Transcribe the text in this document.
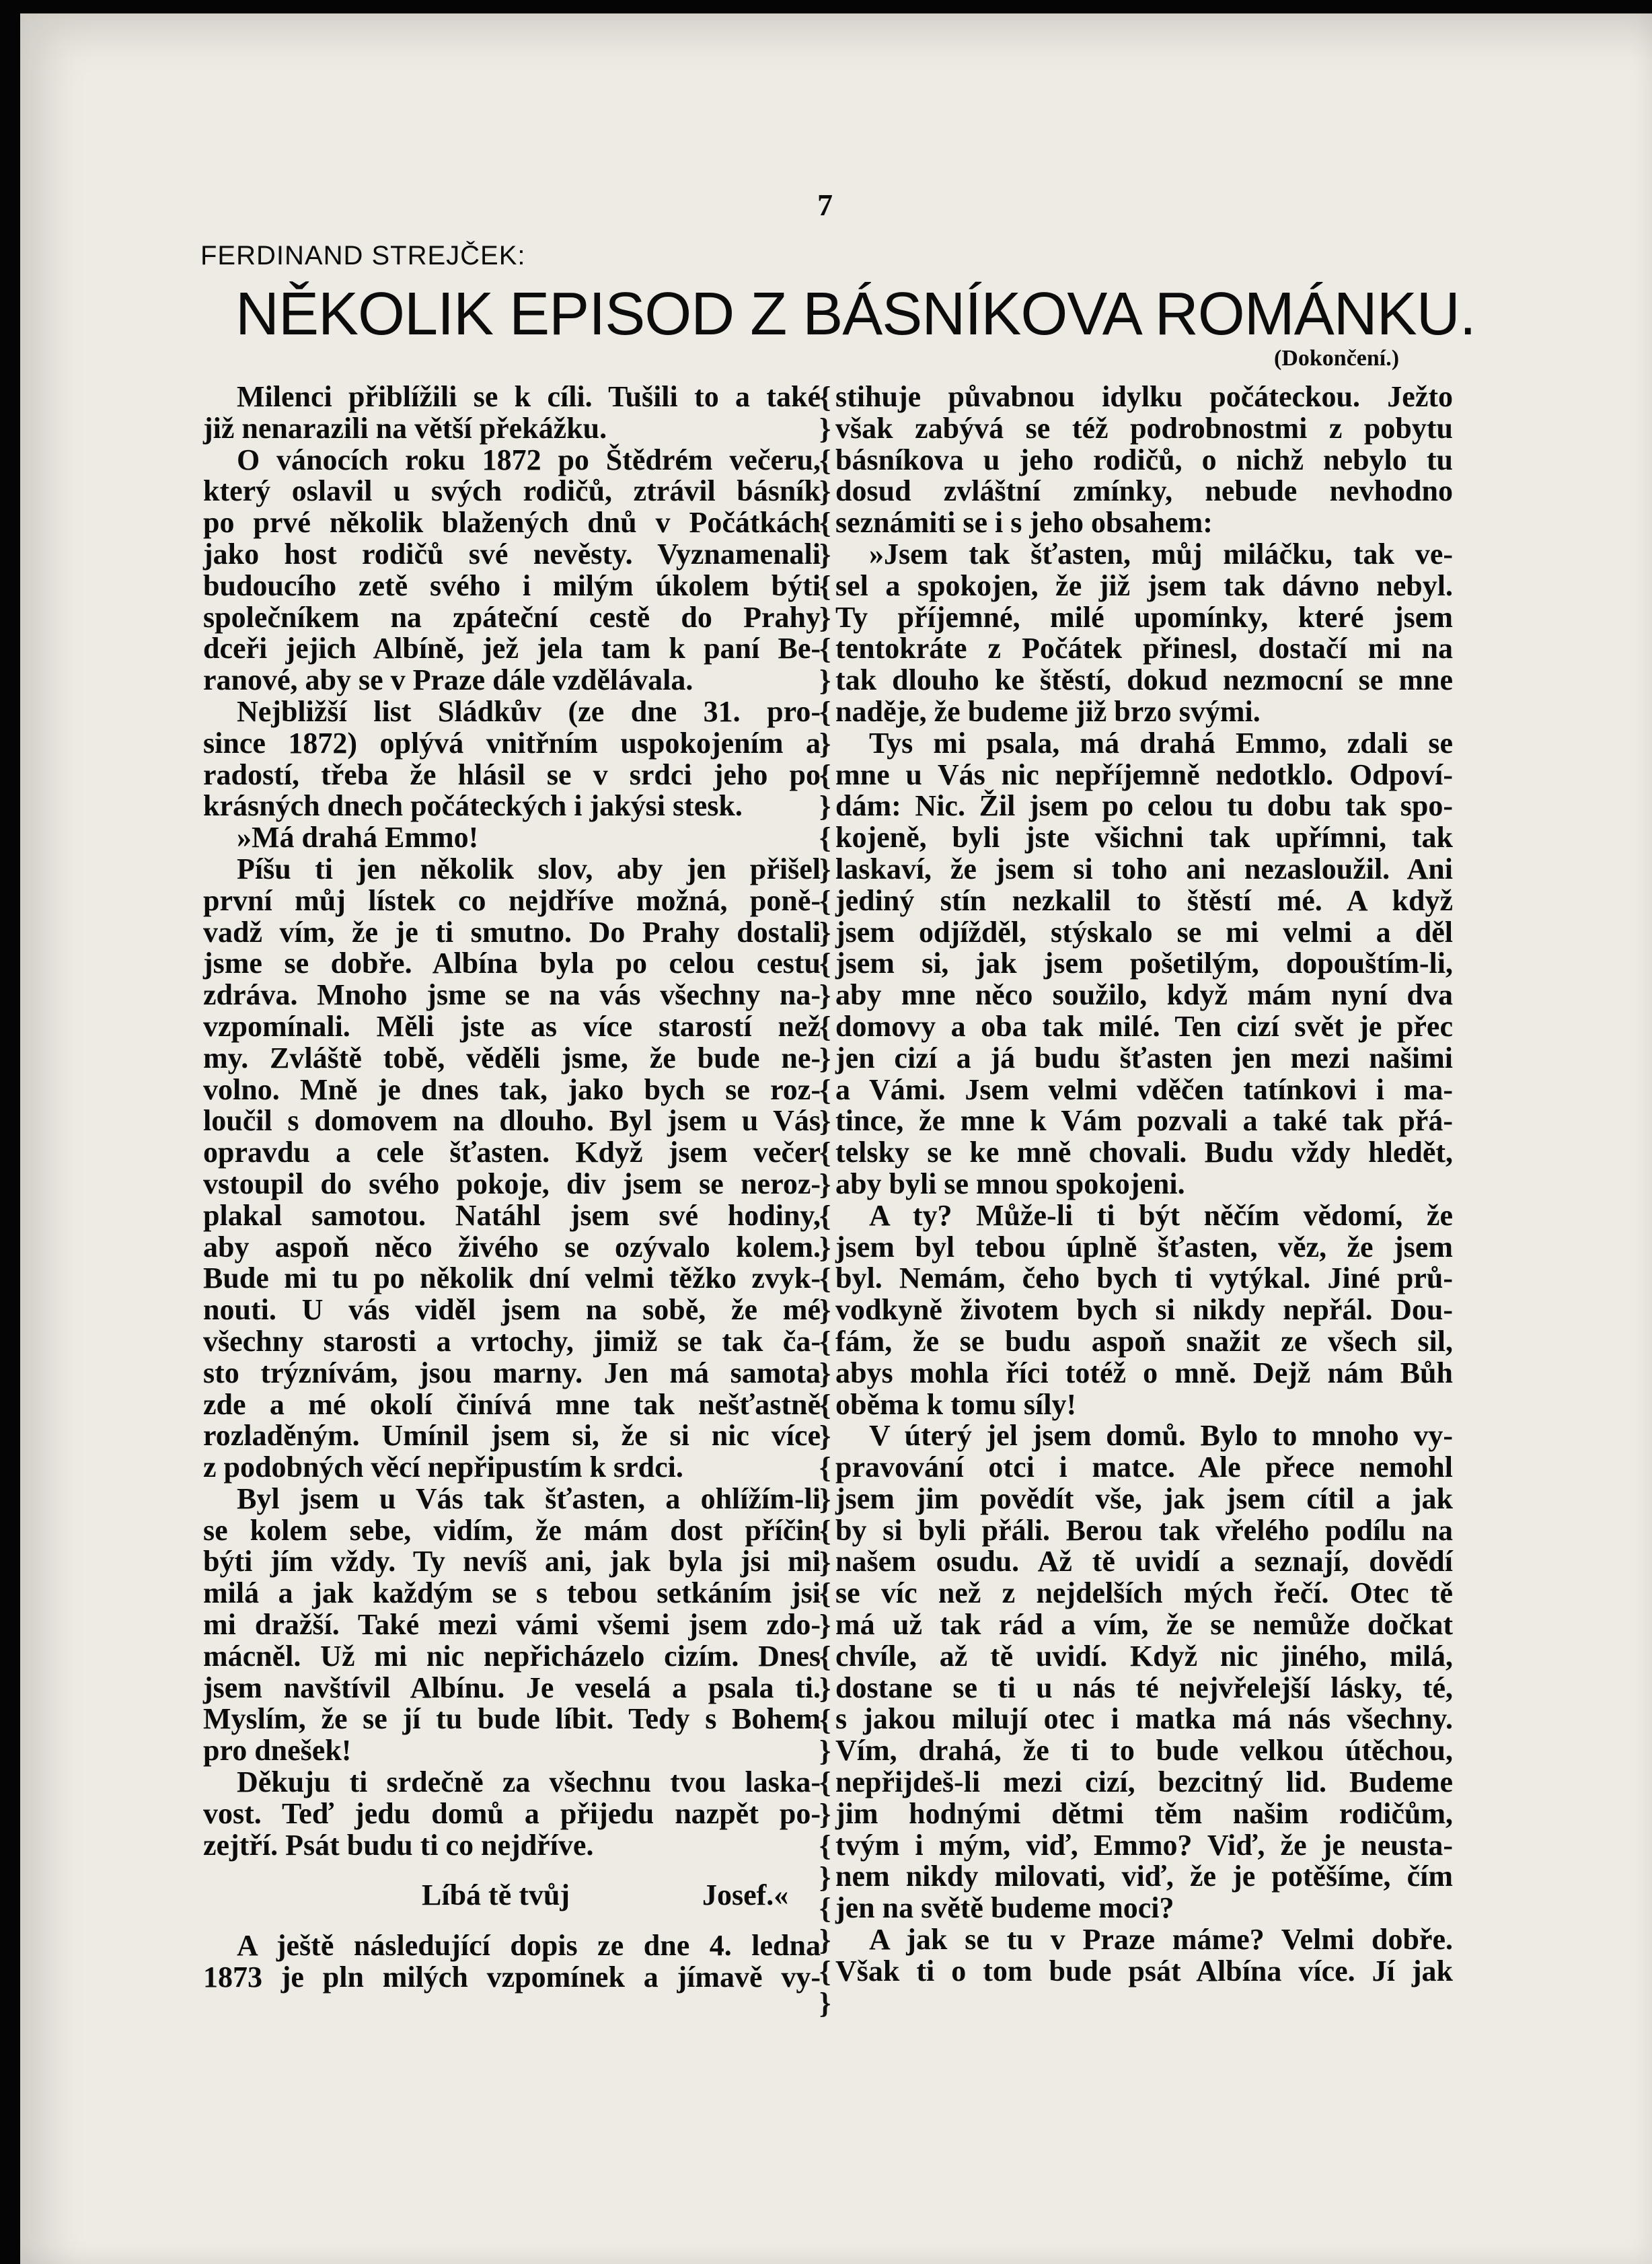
7
FERDINAND STREJČEK:
NĚKOLIK EPISOD Z BÁSNÍKOVA ROMÁNKU.
(Dokončení.)
Milenci přiblížili se k cíli. Tušili to a také
již nenarazili na větší překážku.
O vánocích roku 1872 po Štědrém večeru,
který oslavil u svých rodičů, ztrávil básník
po prvé několik blažených dnů v Počátkách
jako host rodičů své nevěsty. Vyznamenali
budoucího zetě svého i milým úkolem býti
společníkem na zpáteční cestě do Prahy
dceři jejich Albíně, jež jela tam k paní Be-
ranové, aby se v Praze dále vzdělávala.
Nejbližší list Sládkův (ze dne 31. pro-
since 1872) oplývá vnitřním uspokojením a
radostí, třeba že hlásil se v srdci jeho po
krásných dnech počáteckých i jakýsi stesk.
»Má drahá Emmo!
Píšu ti jen několik slov, aby jen přišel
první můj lístek co nejdříve možná, poně-
vadž vím, že je ti smutno. Do Prahy dostali
jsme se dobře. Albína byla po celou cestu
zdráva. Mnoho jsme se na vás všechny na-
vzpomínali. Měli jste as více starostí než
my. Zvláště tobě, věděli jsme, že bude ne-
volno. Mně je dnes tak, jako bych se roz-
loučil s domovem na dlouho. Byl jsem u Vás
opravdu a cele šťasten. Když jsem večer
vstoupil do svého pokoje, div jsem se neroz-
plakal samotou. Natáhl jsem své hodiny,
aby aspoň něco živého se ozývalo kolem.
Bude mi tu po několik dní velmi těžko zvyk-
nouti. U vás viděl jsem na sobě, že mé
všechny starosti a vrtochy, jimiž se tak ča-
sto trýznívám, jsou marny. Jen má samota
zde a mé okolí činívá mne tak nešťastně
rozladěným. Umínil jsem si, že si nic více
z podobných věcí nepřipustím k srdci.
Byl jsem u Vás tak šťasten, a ohlížím-li
se kolem sebe, vidím, že mám dost příčin
býti jím vždy. Ty nevíš ani, jak byla jsi mi
milá a jak každým se s tebou setkáním jsi
mi dražší. Také mezi vámi všemi jsem zdo-
mácněl. Už mi nic nepřicházelo cizím. Dnes
jsem navštívil Albínu. Je veselá a psala ti.
Myslím, že se jí tu bude líbit. Tedy s Bohem
pro dnešek!
Děkuju ti srdečně za všechnu tvou laska-
vost. Teď jedu domů a přijedu nazpět po-
zejtří. Psát budu ti co nejdříve.
Líbá tě tvůj	Josef.«
A ještě následující dopis ze dne 4. ledna
1873 je pln milých vzpomínek a jímavě vy-
{
}
{
}
{
}
{
}
{
}
{
}
{
}
{
}
{
}
{
}
{
}
{
}
{
}
{
}
{
}
{
}
{
}
{
}
{
}
{
}
{
}
{
}
{
}
{
}
{
}
{
}
stihuje půvabnou idylku počáteckou. Ježto
však zabývá se též podrobnostmi z pobytu
básníkova u jeho rodičů, o nichž nebylo tu
dosud zvláštní zmínky, nebude nevhodno
seznámiti se i s jeho obsahem:
»Jsem tak šťasten, můj miláčku, tak ve-
sel a spokojen, že již jsem tak dávno nebyl.
Ty příjemné, milé upomínky, které jsem
tentokráte z Počátek přinesl, dostačí mi na
tak dlouho ke štěstí, dokud nezmocní se mne
naděje, že budeme již brzo svými.
Tys mi psala, má drahá Emmo, zdali se
mne u Vás nic nepříjemně nedotklo. Odpoví-
dám: Nic. Žil jsem po celou tu dobu tak spo-
kojeně, byli jste všichni tak upřímni, tak
laskaví, že jsem si toho ani nezasloužil. Ani
jediný stín nezkalil to štěstí mé. A když
jsem odjížděl, stýskalo se mi velmi a děl
jsem si, jak jsem pošetilým, dopouštím-li,
aby mne něco soužilo, když mám nyní dva
domovy a oba tak milé. Ten cizí svět je přec
jen cizí a já budu šťasten jen mezi našimi
a Vámi. Jsem velmi vděčen tatínkovi i ma-
tince, že mne k Vám pozvali a také tak přá-
telsky se ke mně chovali. Budu vždy hledět,
aby byli se mnou spokojeni.
A ty? Může-li ti být něčím vědomí, že
jsem byl tebou úplně šťasten, věz, že jsem
byl. Nemám, čeho bych ti vytýkal. Jiné prů-
vodkyně životem bych si nikdy nepřál. Dou-
fám, že se budu aspoň snažit ze všech sil,
abys mohla říci totéž o mně. Dejž nám Bůh
oběma k tomu síly!
V úterý jel jsem domů. Bylo to mnoho vy-
pravování otci i matce. Ale přece nemohl
jsem jim povědít vše, jak jsem cítil a jak
by si byli přáli. Berou tak vřelého podílu na
našem osudu. Až tě uvidí a seznají, dovědí
se víc než z nejdelších mých řečí. Otec tě
má už tak rád a vím, že se nemůže dočkat
chvíle, až tě uvidí. Když nic jiného, milá,
dostane se ti u nás té nejvřelejší lásky, té,
s jakou milují otec i matka má nás všechny.
Vím, drahá, že ti to bude velkou útěchou,
nepřijdeš-li mezi cizí, bezcitný lid. Budeme
jim hodnými dětmi těm našim rodičům,
tvým i mým, viď, Emmo? Viď, že je neusta-
nem nikdy milovati, viď, že je potěšíme, čím
jen na světě budeme moci?
A jak se tu v Praze máme? Velmi dobře.
Však ti o tom bude psát Albína více. Jí jak
